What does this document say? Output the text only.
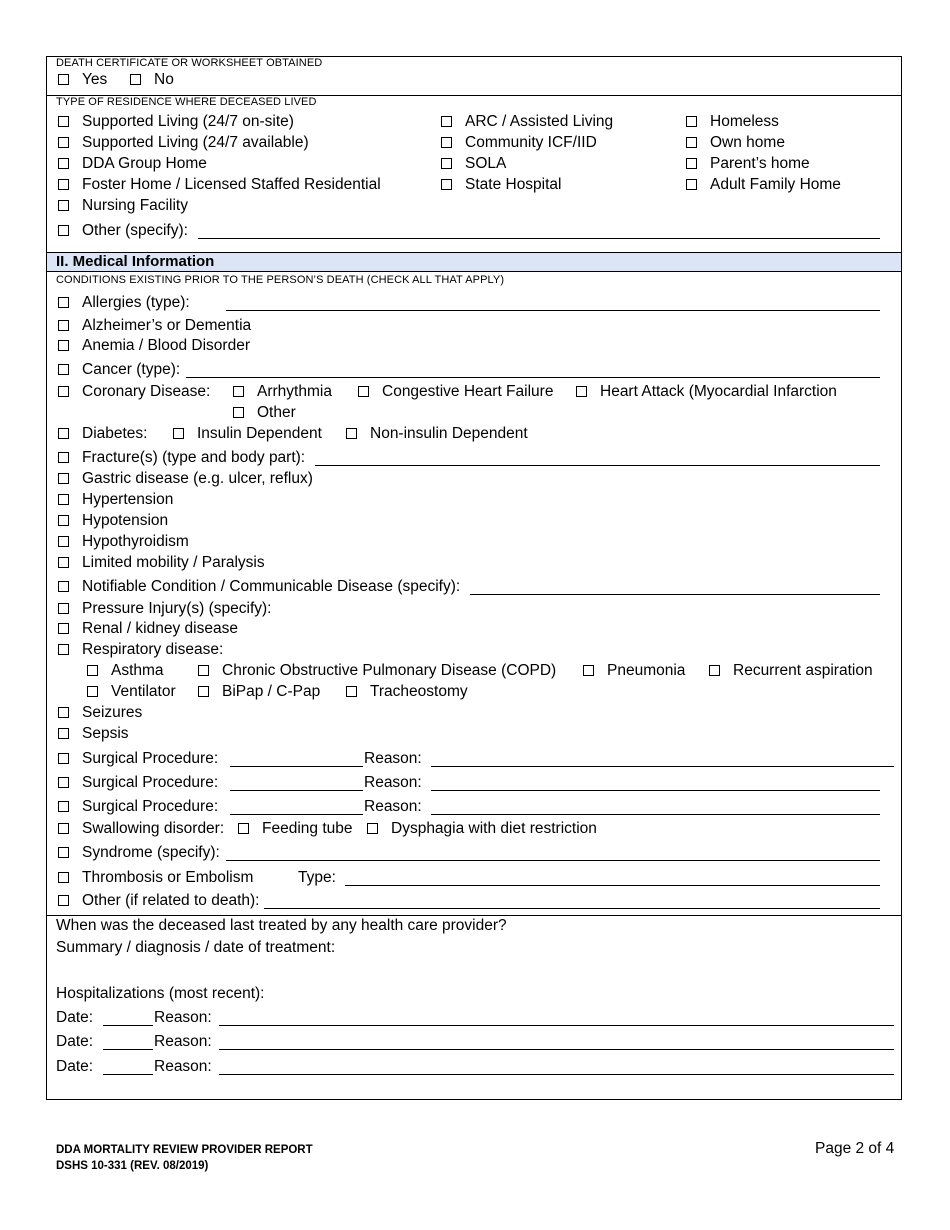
DEATH CERTIFICATE OR WORKSHEET OBTAINED
Yes	No
TYPE OF RESIDENCE WHERE DECEASED LIVED
Supported Living (24/7 on-site)
Supported Living (24/7 available)
DDA Group Home
Foster Home / Licensed Staffed Residential
Nursing Facility
ARC / Assisted Living
Community ICF/IID
SOLA
State Hospital
Homeless
Own home
Parent’s home
Adult Family Home
Other (specify):
II. Medical Information
CONDITIONS EXISTING PRIOR TO THE PERSON’S DEATH (CHECK ALL THAT APPLY)
Allergies (type):
Alzheimer’s or Dementia
Anemia / Blood Disorder
Cancer (type):
Coronary Disease:	Arrhythmia	Congestive Heart Failure	Heart Attack (Myocardial Infarction
Other
Diabetes:	Insulin Dependent	Non-insulin Dependent
Fracture(s) (type and body part):
Gastric disease (e.g. ulcer, reflux)
Hypertension
Hypotension
Hypothyroidism
Limited mobility / Paralysis
Notifiable Condition / Communicable Disease (specify):
Pressure Injury(s) (specify):
Renal / kidney disease
Respiratory disease:
Asthma	Chronic Obstructive Pulmonary Disease (COPD)	Pneumonia	Recurrent aspiration
Ventilator	BiPap / C-Pap	Tracheostomy
Seizures
Sepsis
Surgical Procedure:	Reason:
Surgical Procedure:	Reason:
Surgical Procedure:	Reason:
Swallowing disorder: Feeding tube Dysphagia with diet restriction
Syndrome (specify):
Thrombosis or Embolism	Type:
Other (if related to death):
When was the deceased last treated by any health care provider?
Summary / diagnosis / date of treatment:
Hospitalizations (most recent):
Date:	Reason:
Date:	Reason:
Date:	Reason:
DDA MORTALITY REVIEW PROVIDER REPORT
DSHS 10-331 (REV. 08/2019)
Page 2 of 4
